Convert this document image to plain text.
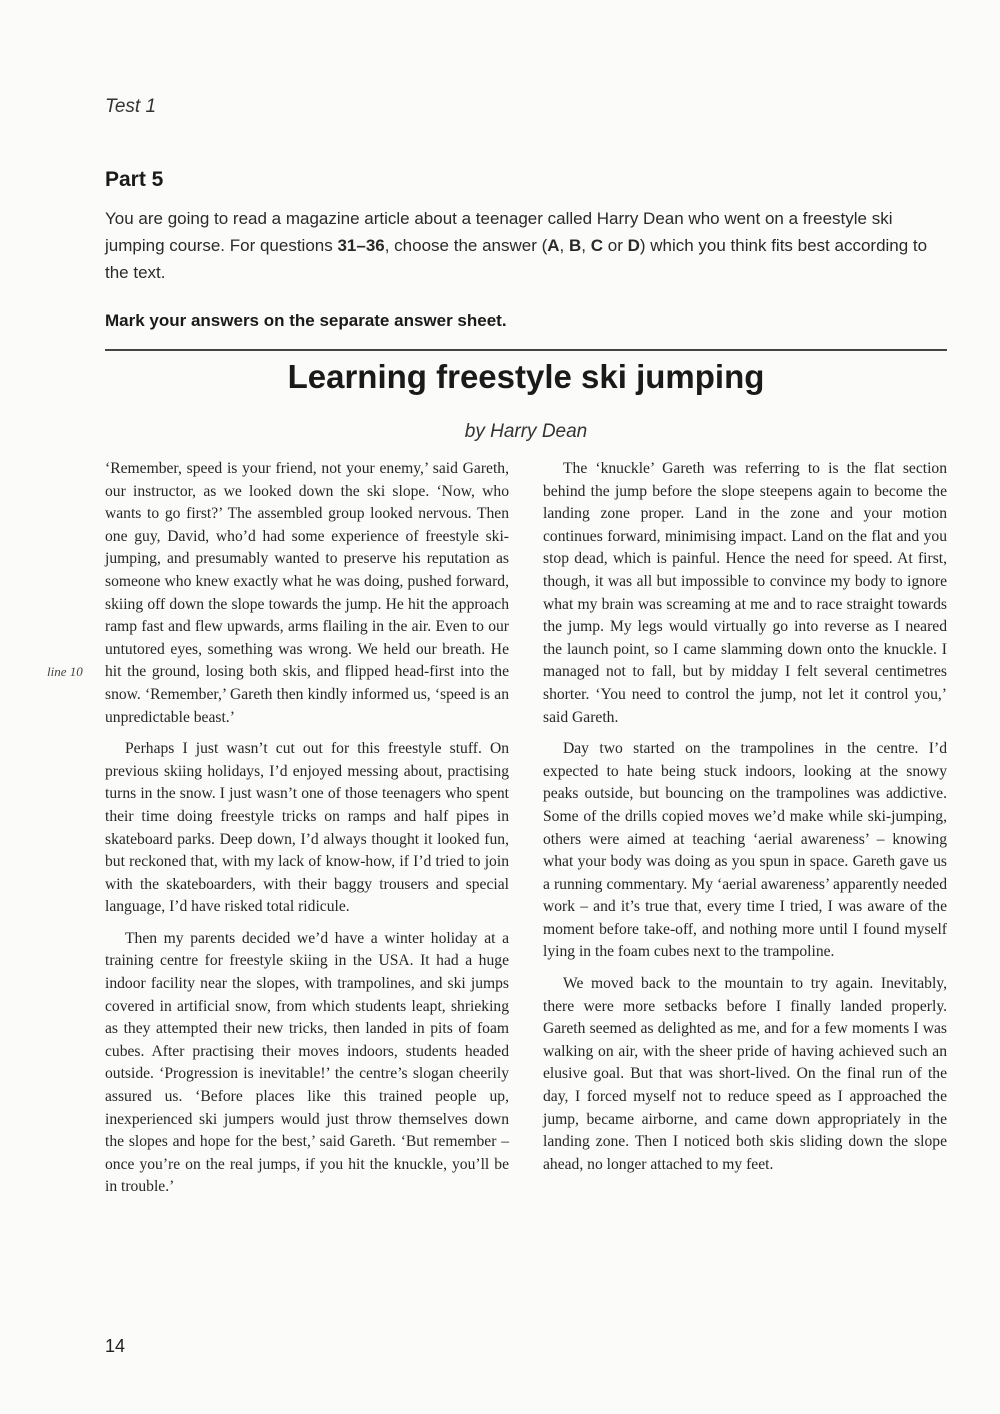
Test 1
Part 5
You are going to read a magazine article about a teenager called Harry Dean who went on a freestyle ski jumping course. For questions 31–36, choose the answer (A, B, C or D) which you think fits best according to the text.
Mark your answers on the separate answer sheet.
Learning freestyle ski jumping
by Harry Dean
line 10

‘Remember, speed is your friend, not your enemy,’ said Gareth, our instructor, as we looked down the ski slope. ‘Now, who wants to go first?’ The assembled group looked nervous. Then one guy, David, who’d had some experience of freestyle ski-jumping, and presumably wanted to preserve his reputation as someone who knew exactly what he was doing, pushed forward, skiing off down the slope towards the jump. He hit the approach ramp fast and flew upwards, arms flailing in the air. Even to our untutored eyes, something was wrong. We held our breath. He hit the ground, losing both skis, and flipped head-first into the snow. ‘Remember,’ Gareth then kindly informed us, ‘speed is an unpredictable beast.’

Perhaps I just wasn’t cut out for this freestyle stuff. On previous skiing holidays, I’d enjoyed messing about, practising turns in the snow. I just wasn’t one of those teenagers who spent their time doing freestyle tricks on ramps and half pipes in skateboard parks. Deep down, I’d always thought it looked fun, but reckoned that, with my lack of know-how, if I’d tried to join with the skateboarders, with their baggy trousers and special language, I’d have risked total ridicule.

Then my parents decided we’d have a winter holiday at a training centre for freestyle skiing in the USA. It had a huge indoor facility near the slopes, with trampolines, and ski jumps covered in artificial snow, from which students leapt, shrieking as they attempted their new tricks, then landed in pits of foam cubes. After practising their moves indoors, students headed outside. ‘Progression is inevitable!’ the centre’s slogan cheerily assured us. ‘Before places like this trained people up, inexperienced ski jumpers would just throw themselves down the slopes and hope for the best,’ said Gareth. ‘But remember – once you’re on the real jumps, if you hit the knuckle, you’ll be in trouble.’

The ‘knuckle’ Gareth was referring to is the flat section behind the jump before the slope steepens again to become the landing zone proper. Land in the zone and your motion continues forward, minimising impact. Land on the flat and you stop dead, which is painful. Hence the need for speed. At first, though, it was all but impossible to convince my body to ignore what my brain was screaming at me and to race straight towards the jump. My legs would virtually go into reverse as I neared the launch point, so I came slamming down onto the knuckle. I managed not to fall, but by midday I felt several centimetres shorter. ‘You need to control the jump, not let it control you,’ said Gareth.

Day two started on the trampolines in the centre. I’d expected to hate being stuck indoors, looking at the snowy peaks outside, but bouncing on the trampolines was addictive. Some of the drills copied moves we’d make while ski-jumping, others were aimed at teaching ‘aerial awareness’ – knowing what your body was doing as you spun in space. Gareth gave us a running commentary. My ‘aerial awareness’ apparently needed work – and it’s true that, every time I tried, I was aware of the moment before take-off, and nothing more until I found myself lying in the foam cubes next to the trampoline.

We moved back to the mountain to try again. Inevitably, there were more setbacks before I finally landed properly. Gareth seemed as delighted as me, and for a few moments I was walking on air, with the sheer pride of having achieved such an elusive goal. But that was short-lived. On the final run of the day, I forced myself not to reduce speed as I approached the jump, became airborne, and came down appropriately in the landing zone. Then I noticed both skis sliding down the slope ahead, no longer attached to my feet.

14
